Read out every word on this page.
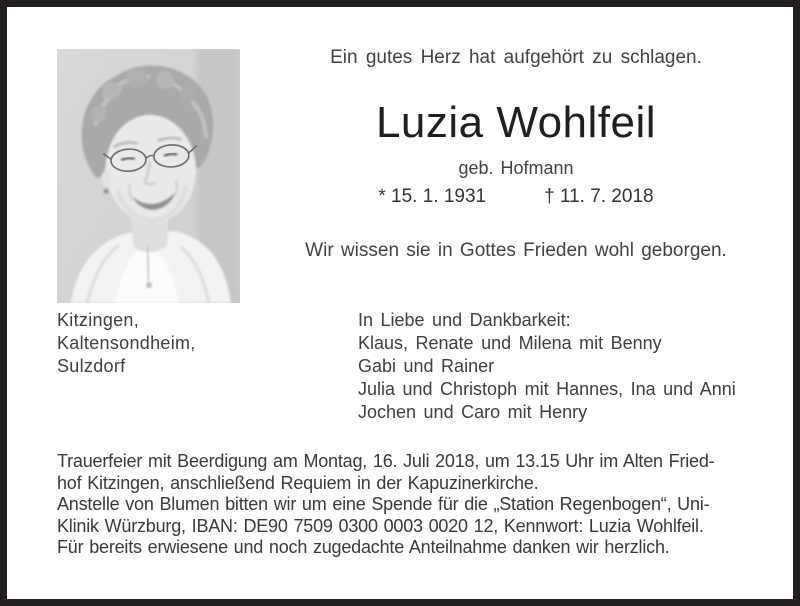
Ein gutes Herz hat aufgehört zu schlagen.
Luzia Wohlfeil
geb. Hofmann
* 15. 1. 1931	† 11. 7. 2018
Wir wissen sie in Gottes Frieden wohl geborgen.
Kitzingen,
Kaltensondheim,
Sulzdorf
In Liebe und Dankbarkeit:
Klaus, Renate und Milena mit Benny
Gabi und Rainer
Julia und Christoph mit Hannes, Ina und Anni
Jochen und Caro mit Henry
Trauerfeier mit Beerdigung am Montag, 16. Juli 2018, um 13.15 Uhr im Alten Fried-
hof Kitzingen, anschließend Requiem in der Kapuzinerkirche.
Anstelle von Blumen bitten wir um eine Spende für die „Station Regenbogen“, Uni-
Klinik Würzburg, IBAN: DE90 7509 0300 0003 0020 12, Kennwort: Luzia Wohlfeil.
Für bereits erwiesene und noch zugedachte Anteilnahme danken wir herzlich.
